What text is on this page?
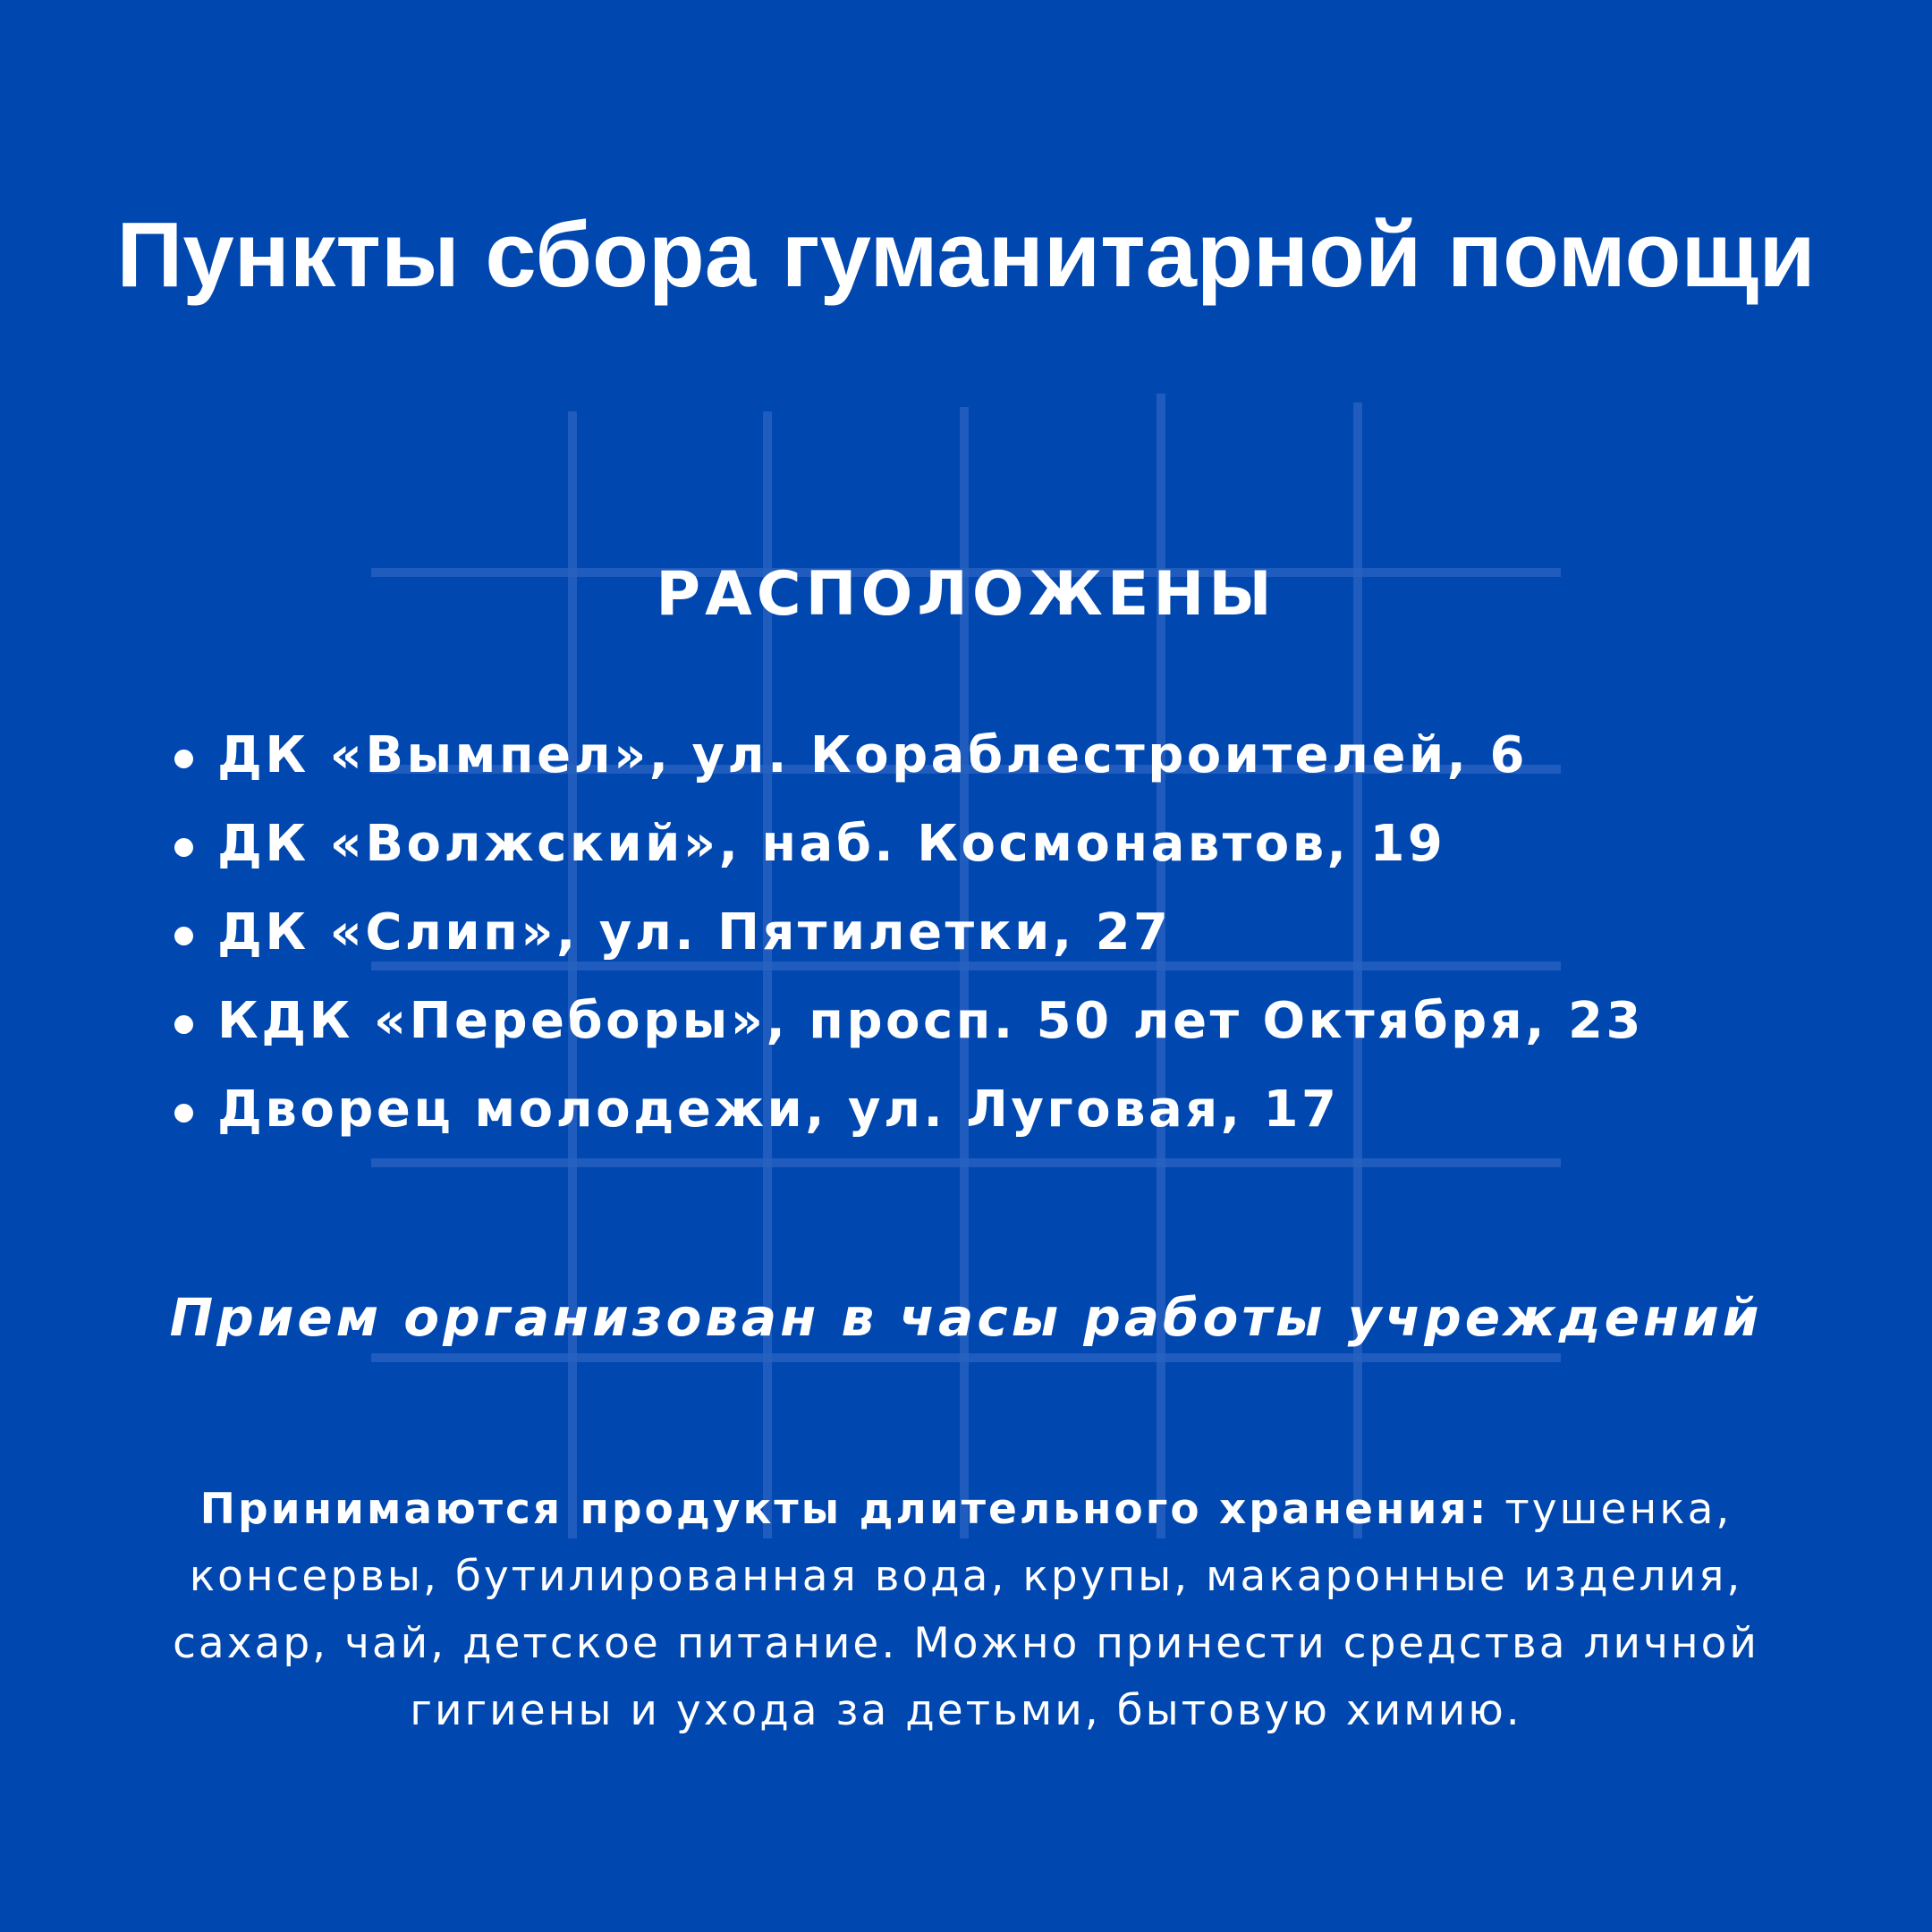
Пункты сбора гуманитарной помощи
РАСПОЛОЖЕНЫ
ДК «Вымпел», ул. Кораблестроителей, 6
ДК «Волжский», наб. Космонавтов, 19
ДК «Слип», ул. Пятилетки, 27
КДК «Переборы», просп. 50 лет Октября, 23
Дворец молодежи, ул. Луговая, 17
Прием организован в часы работы учреждений
Принимаются продукты длительного хранения: тушенка, консервы, бутилированная вода, крупы, макаронные изделия, сахар, чай, детское питание. Можно принести средства личной гигиены и ухода за детьми, бытовую химию.
